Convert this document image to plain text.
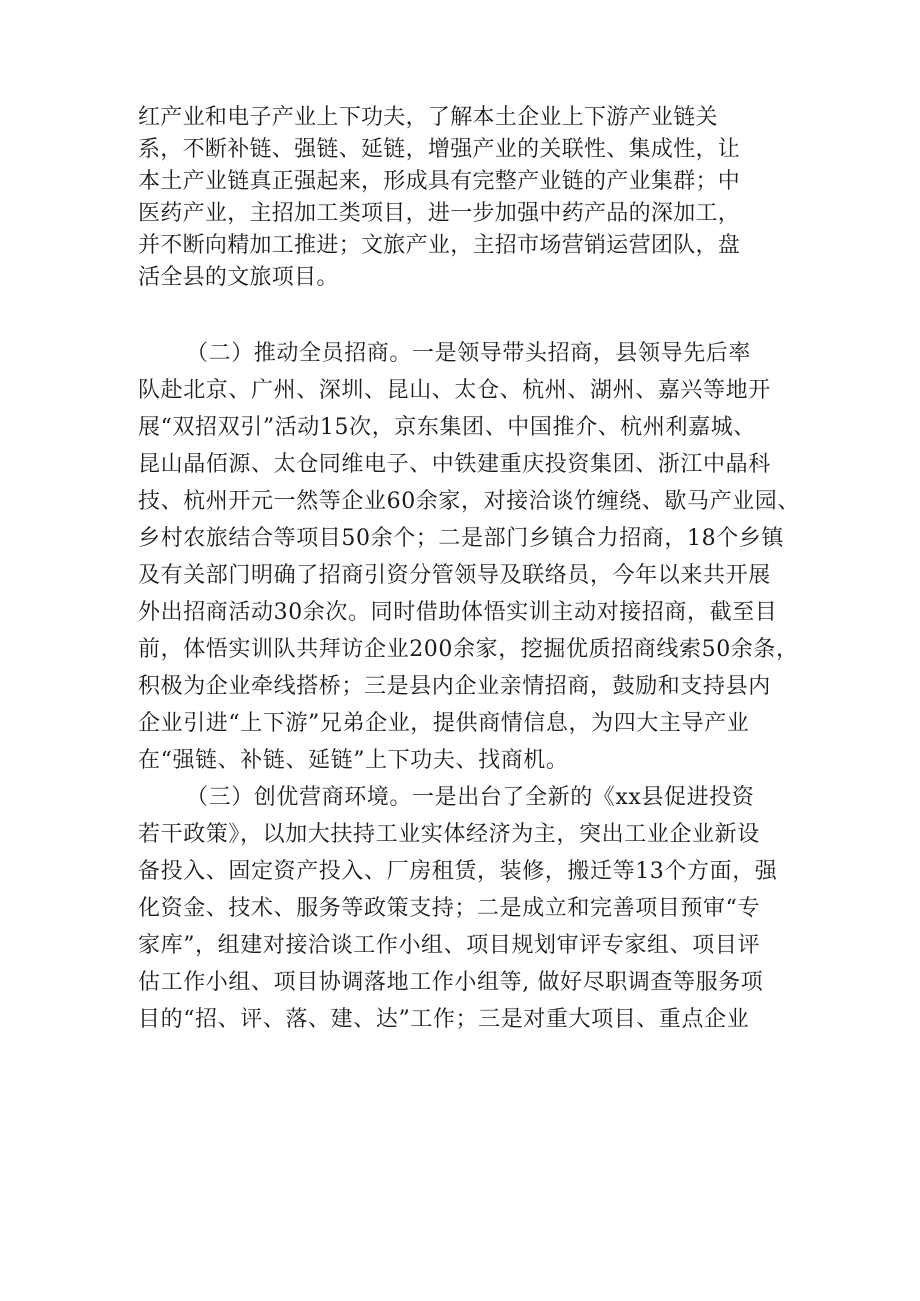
红产业和电子产业上下功夫，了解本土企业上下游产业链关

系，不断补链、强链、延链，增强产业的关联性、集成性，让

本土产业链真正强起来，形成具有完整产业链的产业集群；中

医药产业，主招加工类项目，进一步加强中药产品的深加工，

并不断向精加工推进；文旅产业，主招市场营销运营团队，盘

活全县的文旅项目。

（二）推动全员招商。一是领导带头招商，县领导先后率

队赴北京、广州、深圳、昆山、太仓、杭州、湖州、嘉兴等地开

展“双招双引”活动15次，京东集团、中国推介、杭州利嘉城、

昆山晶佰源、太仓同维电子、中铁建重庆投资集团、浙江中晶科

技、杭州开元一然等企业60余家，对接洽谈竹缠绕、歇马产业园、

乡村农旅结合等项目50余个；二是部门乡镇合力招商，18个乡镇

及有关部门明确了招商引资分管领导及联络员，今年以来共开展

外出招商活动30余次。同时借助体悟实训主动对接招商，截至目

前，体悟实训队共拜访企业200余家，挖掘优质招商线索50余条，

积极为企业牵线搭桥；三是县内企业亲情招商，鼓励和支持县内

企业引进“上下游”兄弟企业，提供商情信息，为四大主导产业

在“强链、补链、延链”上下功夫、找商机。

（三）创优营商环境。一是出台了全新的《xx县促进投资

若干政策》，以加大扶持工业实体经济为主，突出工业企业新设

备投入、固定资产投入、厂房租赁，装修，搬迁等13个方面，强

化资金、技术、服务等政策支持；二是成立和完善项目预审“专

家库”，组建对接洽谈工作小组、项目规划审评专家组、项目评

估工作小组、项目协调落地工作小组等, 做好尽职调查等服务项

目的“招、评、落、建、达”工作；三是对重大项目、重点企业
